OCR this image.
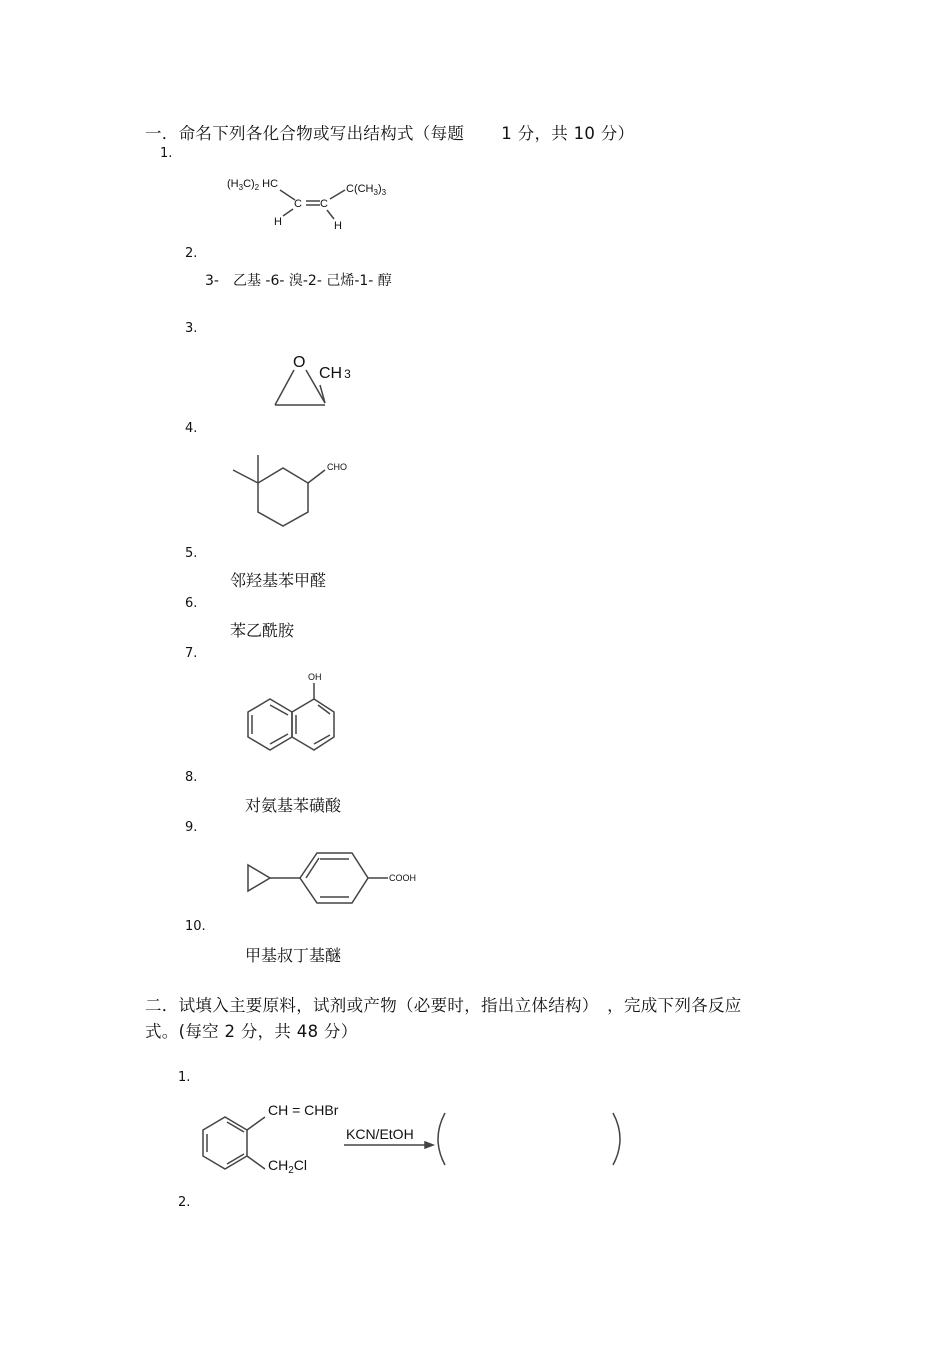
一．命名下列各化合物或写出结构式（每题 1 分，共 10 分）
1.
2.
3-　乙基 -6- 溴-2- 己烯-1- 醇
3.
4.
5.
邻羟基苯甲醛
6.
苯乙酰胺
7.
8.
对氨基苯磺酸
9.
10.
甲基叔丁基醚
$(H_3C)_2$ HC
C C
$C(CH_3)_3$
H	H
O
CH 3
CHO
OH
COOH
二．试填入主要原料，试剂或产物（必要时，指出立体结构）　，完成下列各反应
式。(每空 2 分，共 48 分）
1.
2.
CH = CHBr
$CH_2Cl$
KCN/EtOH
